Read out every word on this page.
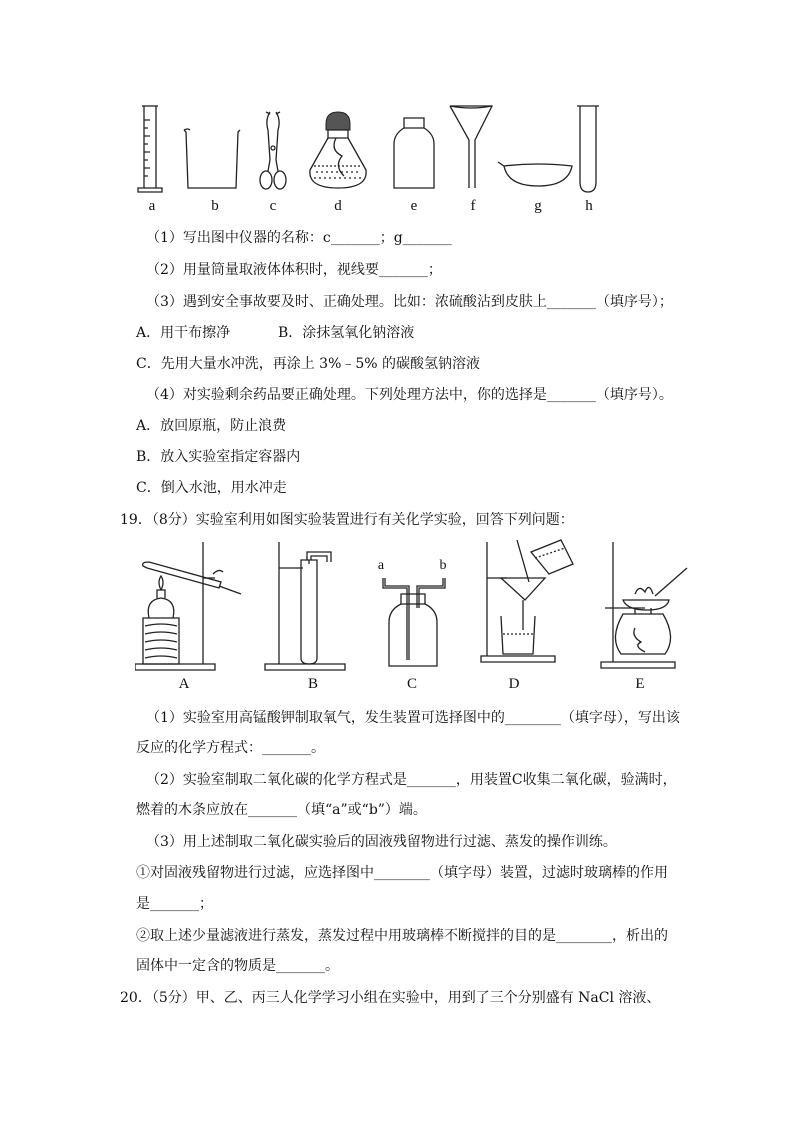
a	b	c	d	e	f	g	h
（1）写出图中仪器的名称：c_______；g_______
（2）用量筒量取液体体积时，视线要_______；
（3）遇到安全事故要及时、正确处理。比如：浓硫酸沾到皮肤上_______（填序号）；
A．用干布擦净	B．涂抹氢氧化钠溶液
C．先用大量水冲洗，再涂上 3%﹣5% 的碳酸氢钠溶液
（4）对实验剩余药品要正确处理。下列处理方法中，你的选择是_______（填序号）。
A．放回原瓶，防止浪费
B．放入实验室指定容器内
C．倒入水池，用水冲走
19．（8分）实验室利用如图实验装置进行有关化学实验，回答下列问题：
A	B	C	D	E
a	b
（1）实验室用高锰酸钾制取氧气，发生装置可选择图中的________（填字母），写出该
反应的化学方程式：_______。
（2）实验室制取二氧化碳的化学方程式是_______，用装置C收集二氧化碳，验满时，
燃着的木条应放在_______（填“a”或“b”）端。
（3）用上述制取二氧化碳实验后的固液残留物进行过滤、蒸发的操作训练。
①对固液残留物进行过滤，应选择图中________（填字母）装置，过滤时玻璃棒的作用
是_______；
②取上述少量滤液进行蒸发，蒸发过程中用玻璃棒不断搅拌的目的是________，析出的
固体中一定含的物质是_______。
20．（5分）甲、乙、丙三人化学学习小组在实验中，用到了三个分别盛有 NaCl 溶液、
